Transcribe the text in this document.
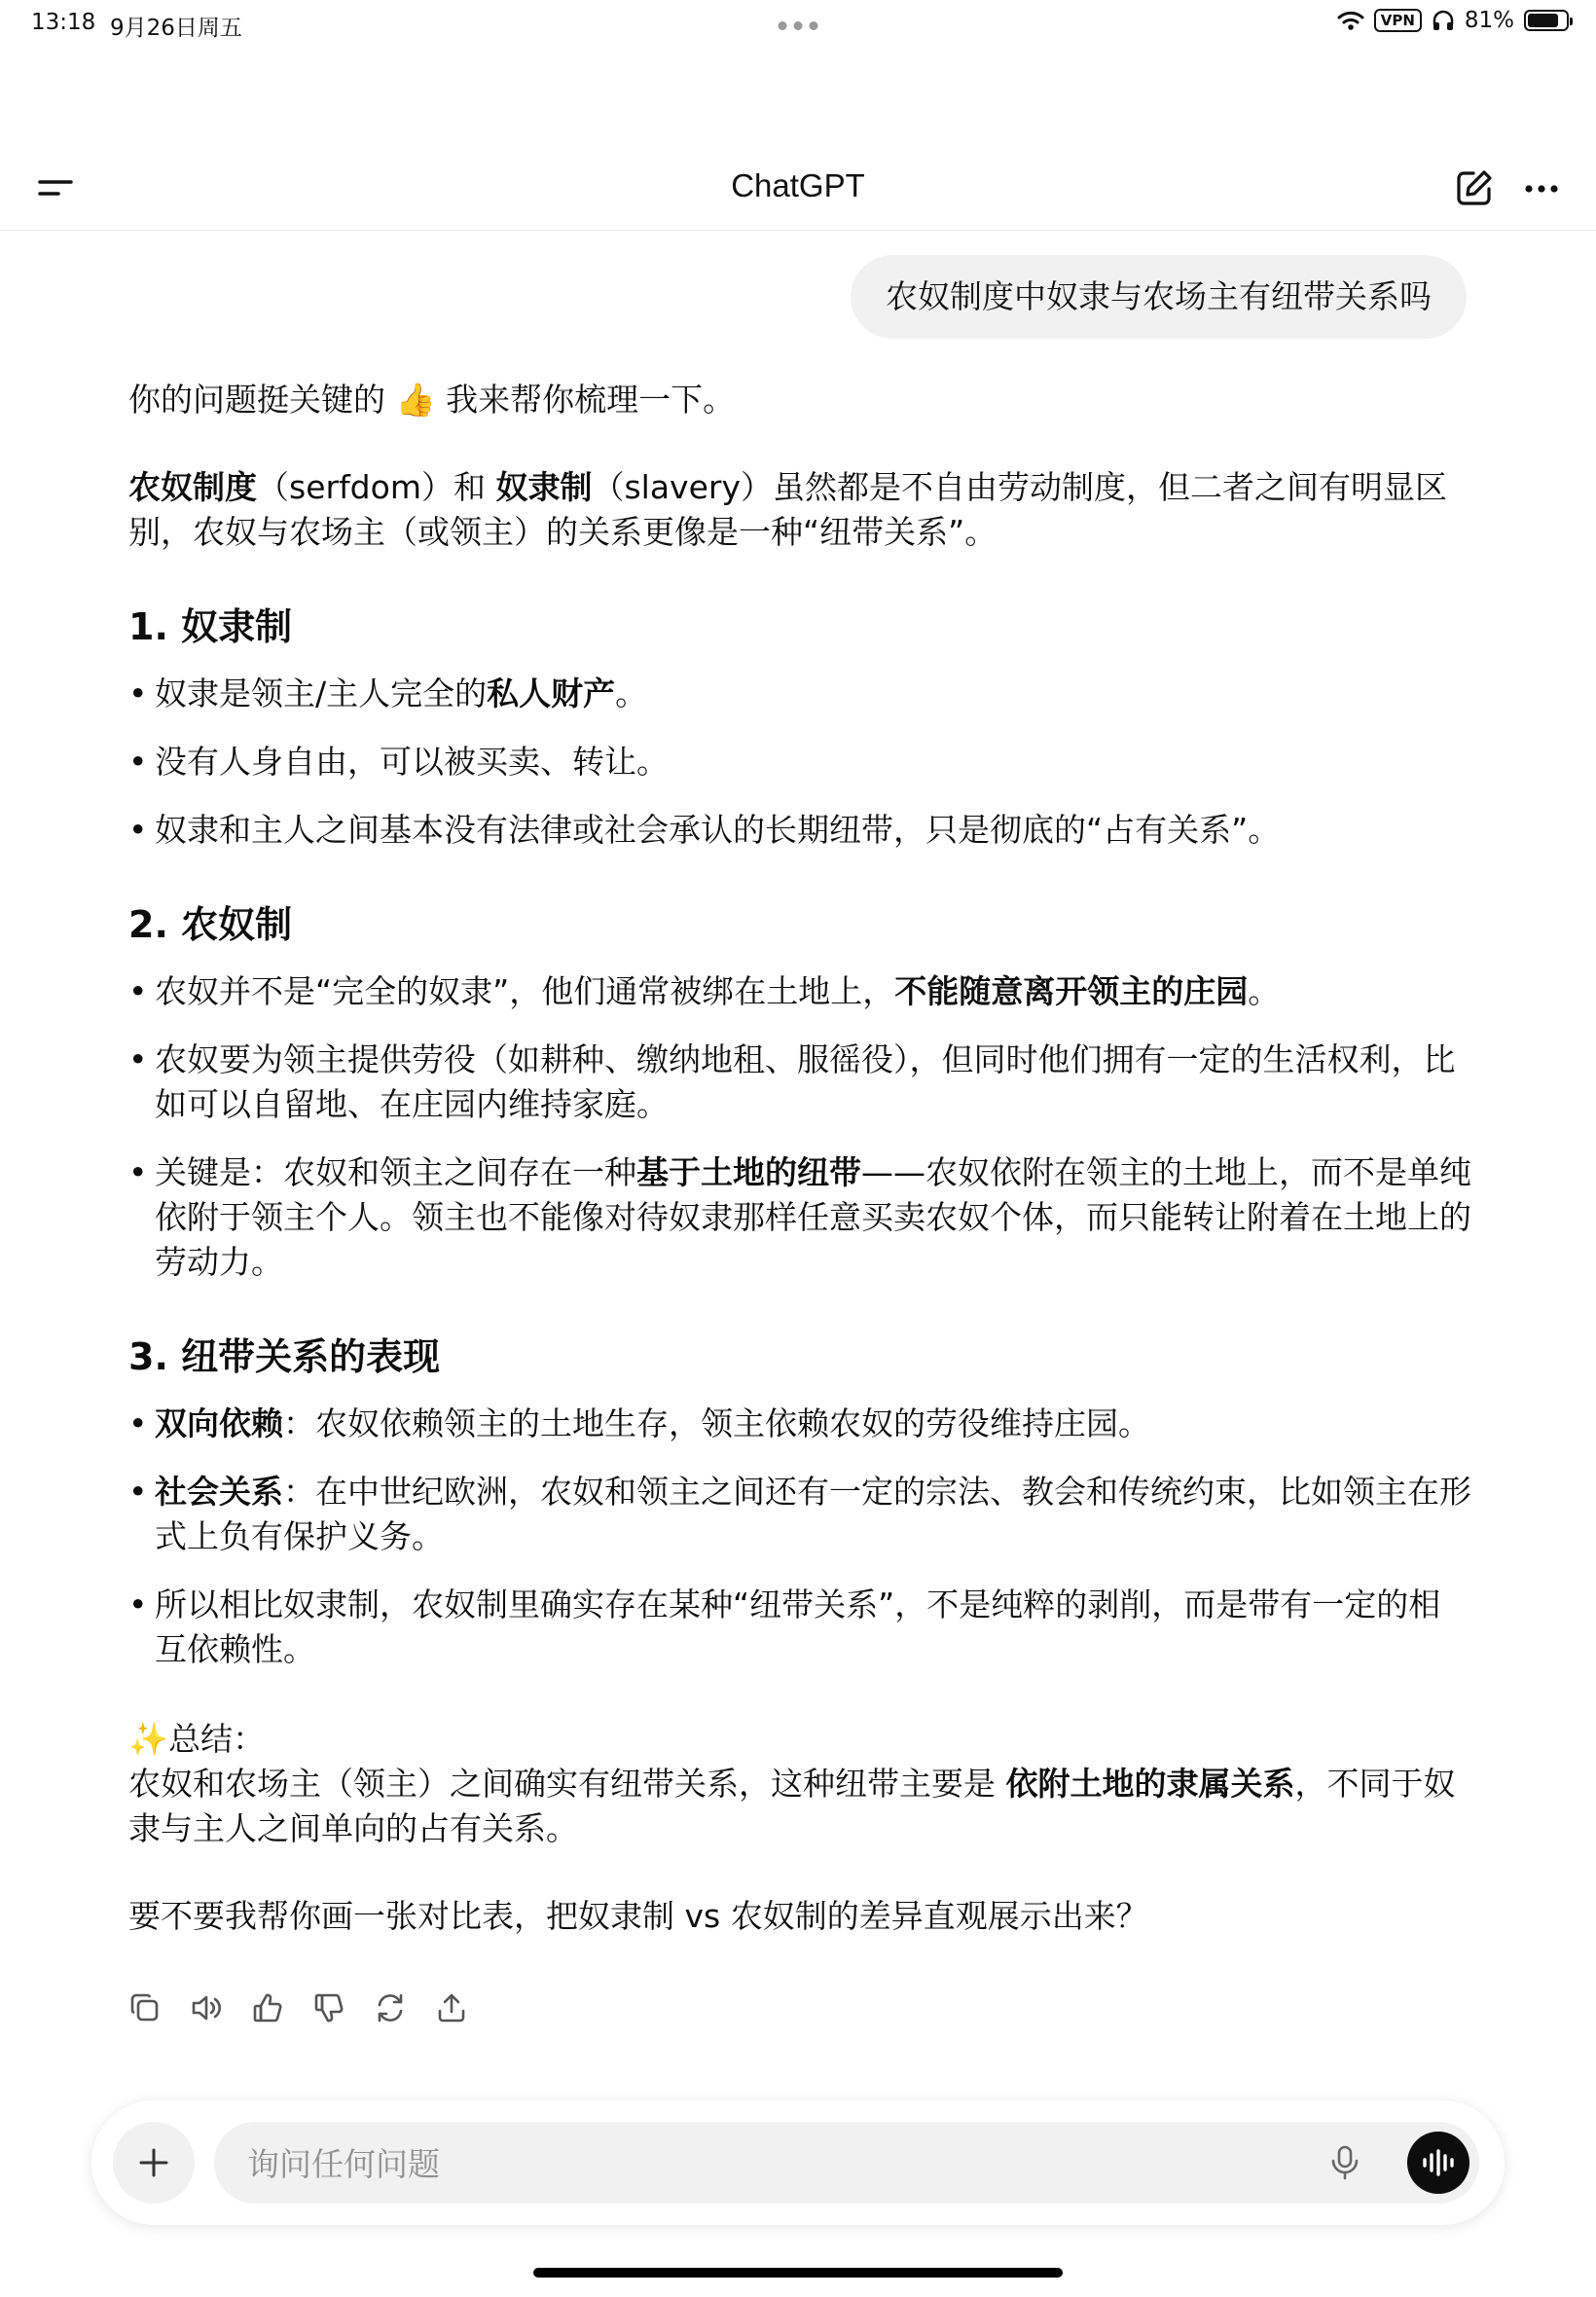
13:18 9月26日周五	VPN	81%
ChatGPT
农奴制度中奴隶与农场主有纽带关系吗

你的问题挺关键的 👍 我来帮你梳理一下。

农奴制度（serfdom）和 奴隶制（slavery）虽然都是不自由劳动制度，但二者之间有明显区别，农奴与农场主（或领主）的关系更像是一种“纽带关系”。

1. 奴隶制
• 奴隶是领主/主人完全的私人财产。
• 没有人身自由，可以被买卖、转让。
• 奴隶和主人之间基本没有法律或社会承认的长期纽带，只是彻底的“占有关系”。
2. 农奴制
• 农奴并不是“完全的奴隶”，他们通常被绑在土地上，不能随意离开领主的庄园。
• 农奴要为领主提供劳役（如耕种、缴纳地租、服徭役），但同时他们拥有一定的生活权利，比如可以自留地、在庄园内维持家庭。
• 关键是：农奴和领主之间存在一种基于土地的纽带——农奴依附在领主的土地上，而不是单纯依附于领主个人。领主也不能像对待奴隶那样任意买卖农奴个体，而只能转让附着在土地上的劳动力。
3. 纽带关系的表现
• 双向依赖：农奴依赖领主的土地生存，领主依赖农奴的劳役维持庄园。
• 社会关系：在中世纪欧洲，农奴和领主之间还有一定的宗法、教会和传统约束，比如领主在形式上负有保护义务。
• 所以相比奴隶制，农奴制里确实存在某种“纽带关系”，不是纯粹的剥削，而是带有一定的相互依赖性。

✨总结：

农奴和农场主（领主）之间确实有纽带关系，这种纽带主要是 依附土地的隶属关系，不同于奴隶与主人之间单向的占有关系。

要不要我帮你画一张对比表，把奴隶制 vs 农奴制的差异直观展示出来？

询问任何问题
